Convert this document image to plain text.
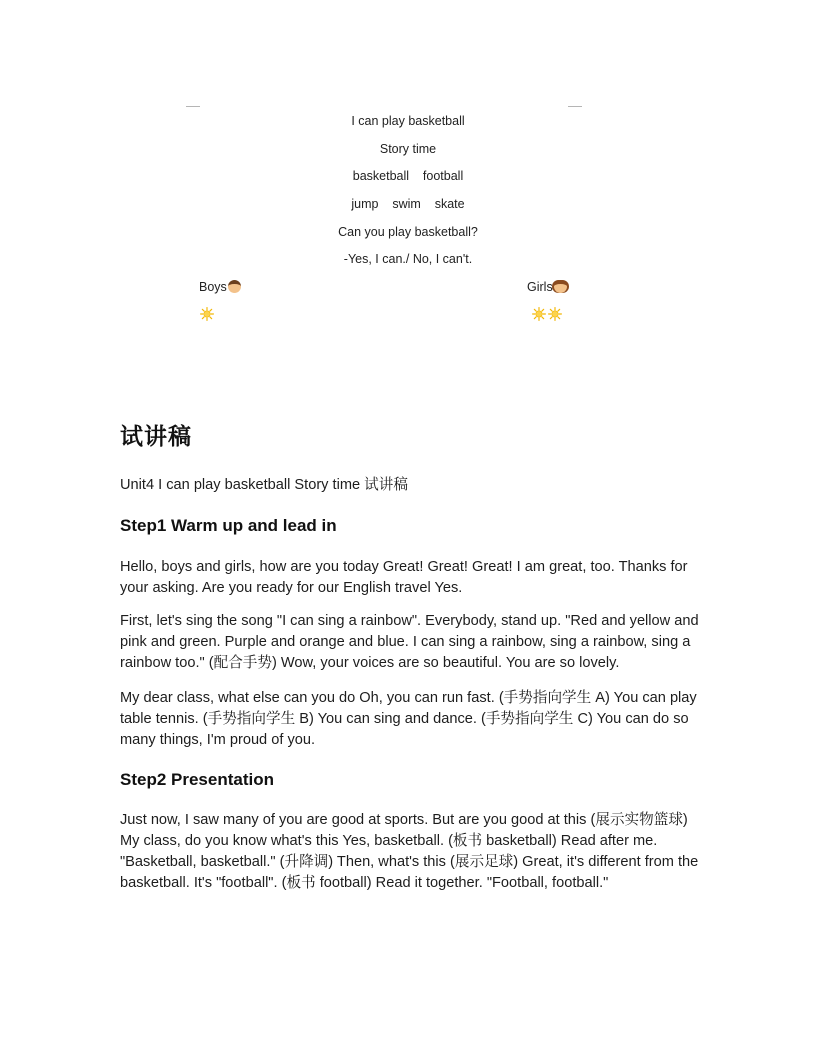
I can play basketball
Story time
basketball    football
jump    swim    skate
Can you play basketball?
-Yes, I can./ No, I can't.
Boys	Girls
试讲稿

Unit4 I can play basketball Story time 试讲稿

Step1 Warm up and lead in

Hello, boys and girls, how are you today Great! Great! Great! I am great, too. Thanks for your asking. Are you ready for our English travel Yes.

First, let's sing the song "I can sing a rainbow". Everybody, stand up. "Red and yellow and pink and green. Purple and orange and blue. I can sing a rainbow, sing a rainbow, sing a rainbow too." (配合手势) Wow, your voices are so beautiful. You are so lovely.

My dear class, what else can you do Oh, you can run fast. (手势指向学生 A) You can play table tennis. (手势指向学生 B) You can sing and dance. (手势指向学生 C) You can do so many things, I'm proud of you.

Step2 Presentation

Just now, I saw many of you are good at sports. But are you good at this (展示实物篮球) My class, do you know what's this Yes, basketball. (板书 basketball) Read after me. "Basketball, basketball." (升降调) Then, what's this (展示足球) Great, it's different from the basketball. It's "football". (板书 football) Read it together. "Football, football."
